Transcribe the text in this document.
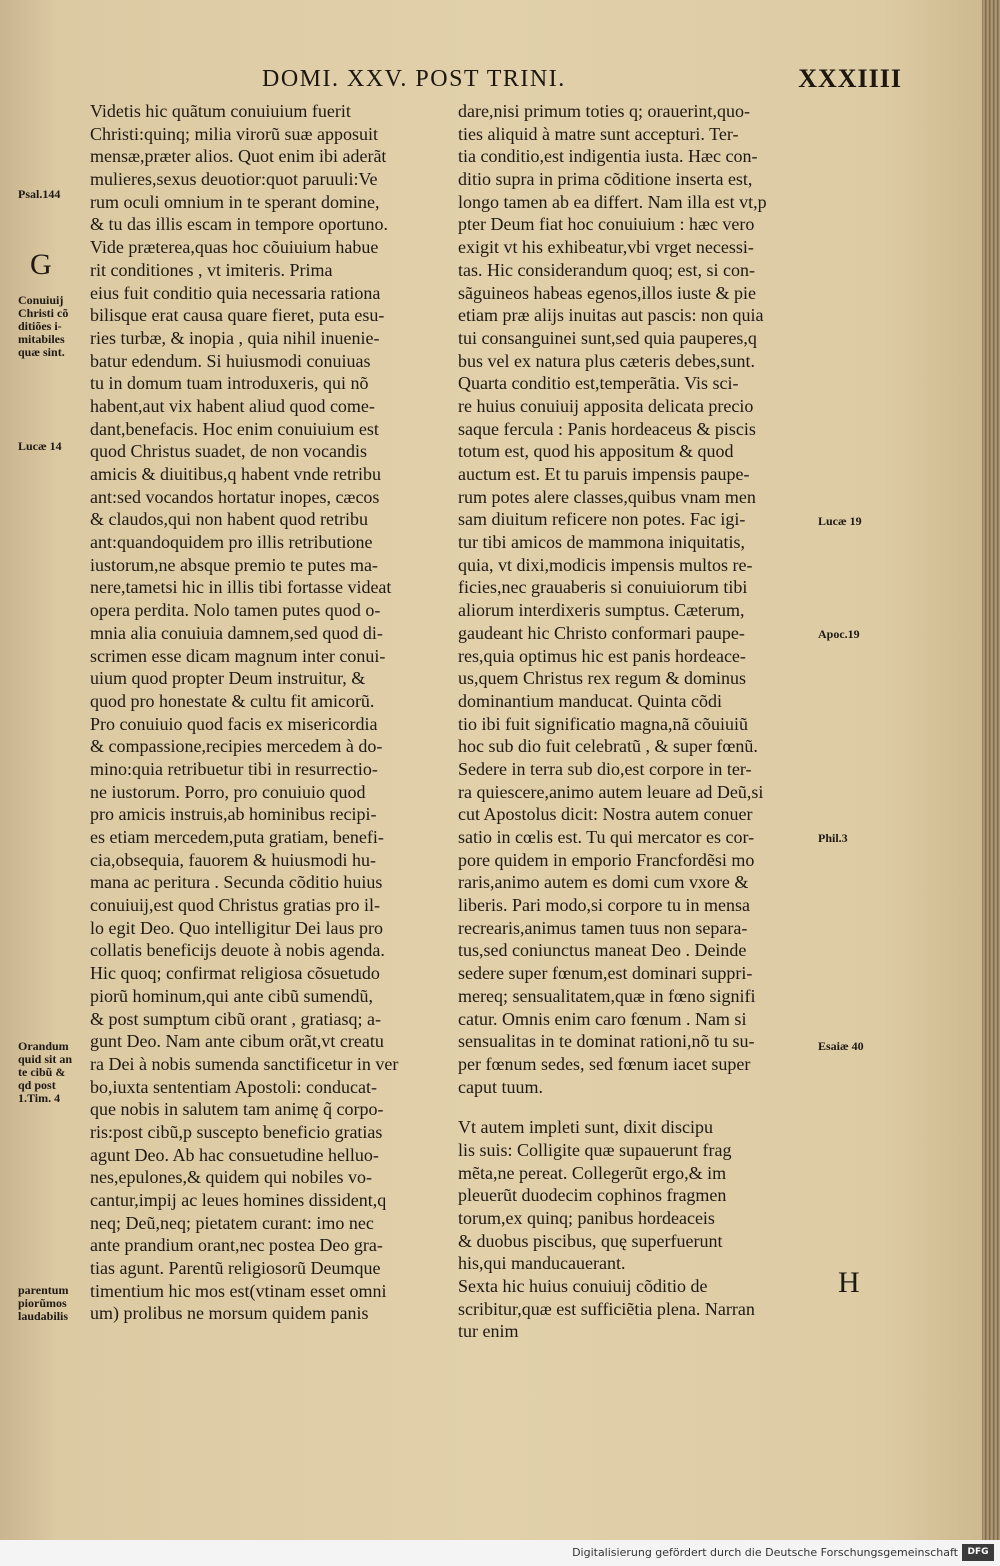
DOMI. XXV. POST TRINI.	XXXIIII
Videtis hic quãtum conuiuium fuerit
Christi:quinq; milia virorũ suæ apposuit
mensæ,præter alios. Quot enim ibi aderãt
mulieres,sexus deuotior:quot paruuli:Ve
rum oculi omnium in te sperant domine,
& tu das illis escam in tempore oportuno.
Vide præterea,quas hoc cõuiuium habue
rit conditiones , vt imiteris. Prima
eius fuit conditio quia necessaria rationa
bilisque erat causa quare fieret, puta esu-
ries turbæ, & inopia , quia nihil inuenie-
batur edendum. Si huiusmodi conuiuas
tu in domum tuam introduxeris, qui nõ
habent,aut vix habent aliud quod come-
dant,benefacis. Hoc enim conuiuium est
quod Christus suadet, de non vocandis
amicis & diuitibus,q habent vnde retribu
ant:sed vocandos hortatur inopes, cæcos
& claudos,qui non habent quod retribu
ant:quandoquidem pro illis retributione
iustorum,ne absque premio te putes ma-
nere,tametsi hic in illis tibi fortasse videat
opera perdita. Nolo tamen putes quod o-
mnia alia conuiuia damnem,sed quod di-
scrimen esse dicam magnum inter conui-
uium quod propter Deum instruitur, &
quod pro honestate & cultu fit amicorũ.
Pro conuiuio quod facis ex misericordia
& compassione,recipies mercedem à do-
mino:quia retribuetur tibi in resurrectio-
ne iustorum. Porro, pro conuiuio quod
pro amicis instruis,ab hominibus recipi-
es etiam mercedem,puta gratiam, benefi-
cia,obsequia, fauorem & huiusmodi hu-
mana ac peritura . Secunda cõditio huius
conuiuij,est quod Christus gratias pro il-
lo egit Deo. Quo intelligitur Dei laus pro
collatis beneficijs deuote à nobis agenda.
Hic quoq; confirmat religiosa cõsuetudo
piorũ hominum,qui ante cibũ sumendũ,
& post sumptum cibũ orant , gratiasq; a-
gunt Deo. Nam ante cibum orãt,vt creatu
ra Dei à nobis sumenda sanctificetur in ver
bo,iuxta sententiam Apostoli: conducat-
que nobis in salutem tam animę q̃ corpo-
ris:post cibũ,p suscepto beneficio gratias
agunt Deo. Ab hac consuetudine helluo-
nes,epulones,& quidem qui nobiles vo-
cantur,impij ac leues homines dissident,q
neq; Deũ,neq; pietatem curant: imo nec
ante prandium orant,nec postea Deo gra-
tias agunt. Parentũ religiosorũ Deumque
timentium hic mos est(vtinam esset omni
um) prolibus ne morsum quidem panis
dare,nisi primum toties q; orauerint,quo-
ties aliquid à matre sunt accepturi. Ter-
tia conditio,est indigentia iusta. Hæc con-
ditio supra in prima cõditione inserta est,
longo tamen ab ea differt. Nam illa est vt,p
pter Deum fiat hoc conuiuium : hæc vero
exigit vt his exhibeatur,vbi vrget necessi-
tas. Hic considerandum quoq; est, si con-
sãguineos habeas egenos,illos iuste & pie
etiam præ alijs inuitas aut pascis: non quia
tui consanguinei sunt,sed quia pauperes,q
bus vel ex natura plus cæteris debes,sunt.
Quarta conditio est,temperãtia. Vis sci-
re huius conuiuij apposita delicata precio
saque fercula : Panis hordeaceus & piscis
totum est, quod his appositum & quod
auctum est. Et tu paruis impensis paupe-
rum potes alere classes,quibus vnam men
sam diuitum reficere non potes. Fac igi-
tur tibi amicos de mammona iniquitatis,
quia, vt dixi,modicis impensis multos re-
ficies,nec grauaberis si conuiuiorum tibi
aliorum interdixeris sumptus. Cæterum,
gaudeant hic Christo conformari paupe-
res,quia optimus hic est panis hordeace-
us,quem Christus rex regum & dominus
dominantium manducat. Quinta cõdi
tio ibi fuit significatio magna,nã cõuiuiũ
hoc sub dio fuit celebratũ , & super fœnũ.
Sedere in terra sub dio,est corpore in ter-
ra quiescere,animo autem leuare ad Deũ,si
cut Apostolus dicit: Nostra autem conuer
satio in cœlis est. Tu qui mercator es cor-
pore quidem in emporio Francfordẽsi mo
raris,animo autem es domi cum vxore &
liberis. Pari modo,si corpore tu in mensa
recrearis,animus tamen tuus non separa-
tus,sed coniunctus maneat Deo . Deinde
sedere super fœnum,est dominari suppri-
mereq; sensualitatem,quæ in fœno signifi
catur. Omnis enim caro fœnum . Nam si
sensualitas in te dominat rationi,nõ tu su-
per fœnum sedes, sed fœnum iacet super
caput tuum.
Vt autem impleti sunt, dixit discipu
lis suis: Colligite quæ supauerunt frag
mẽta,ne pereat. Collegerũt ergo,& im
pleuerũt duodecim cophinos fragmen
torum,ex quinq; panibus hordeaceis
& duobus piscibus, quę superfuerunt
his,qui manducauerant.
Sexta hic huius conuiuij cõditio de
scribitur,quæ est sufficiẽtia plena. Narran
tur enim
Psal.144
G
Conuiuij
Christi cõ
ditiões i-
mitabiles
quæ sint.
Lucæ 14
Orandum
quid sit an
te cibũ &
qd post
1.Tim. 4
parentum
piorũmos
laudabilis
Lucæ 19
Apoc.19
Phil.3
Esaiæ 40
H
Digitalisierung gefördert durch die Deutsche Forschungsgemeinschaft	DFG
